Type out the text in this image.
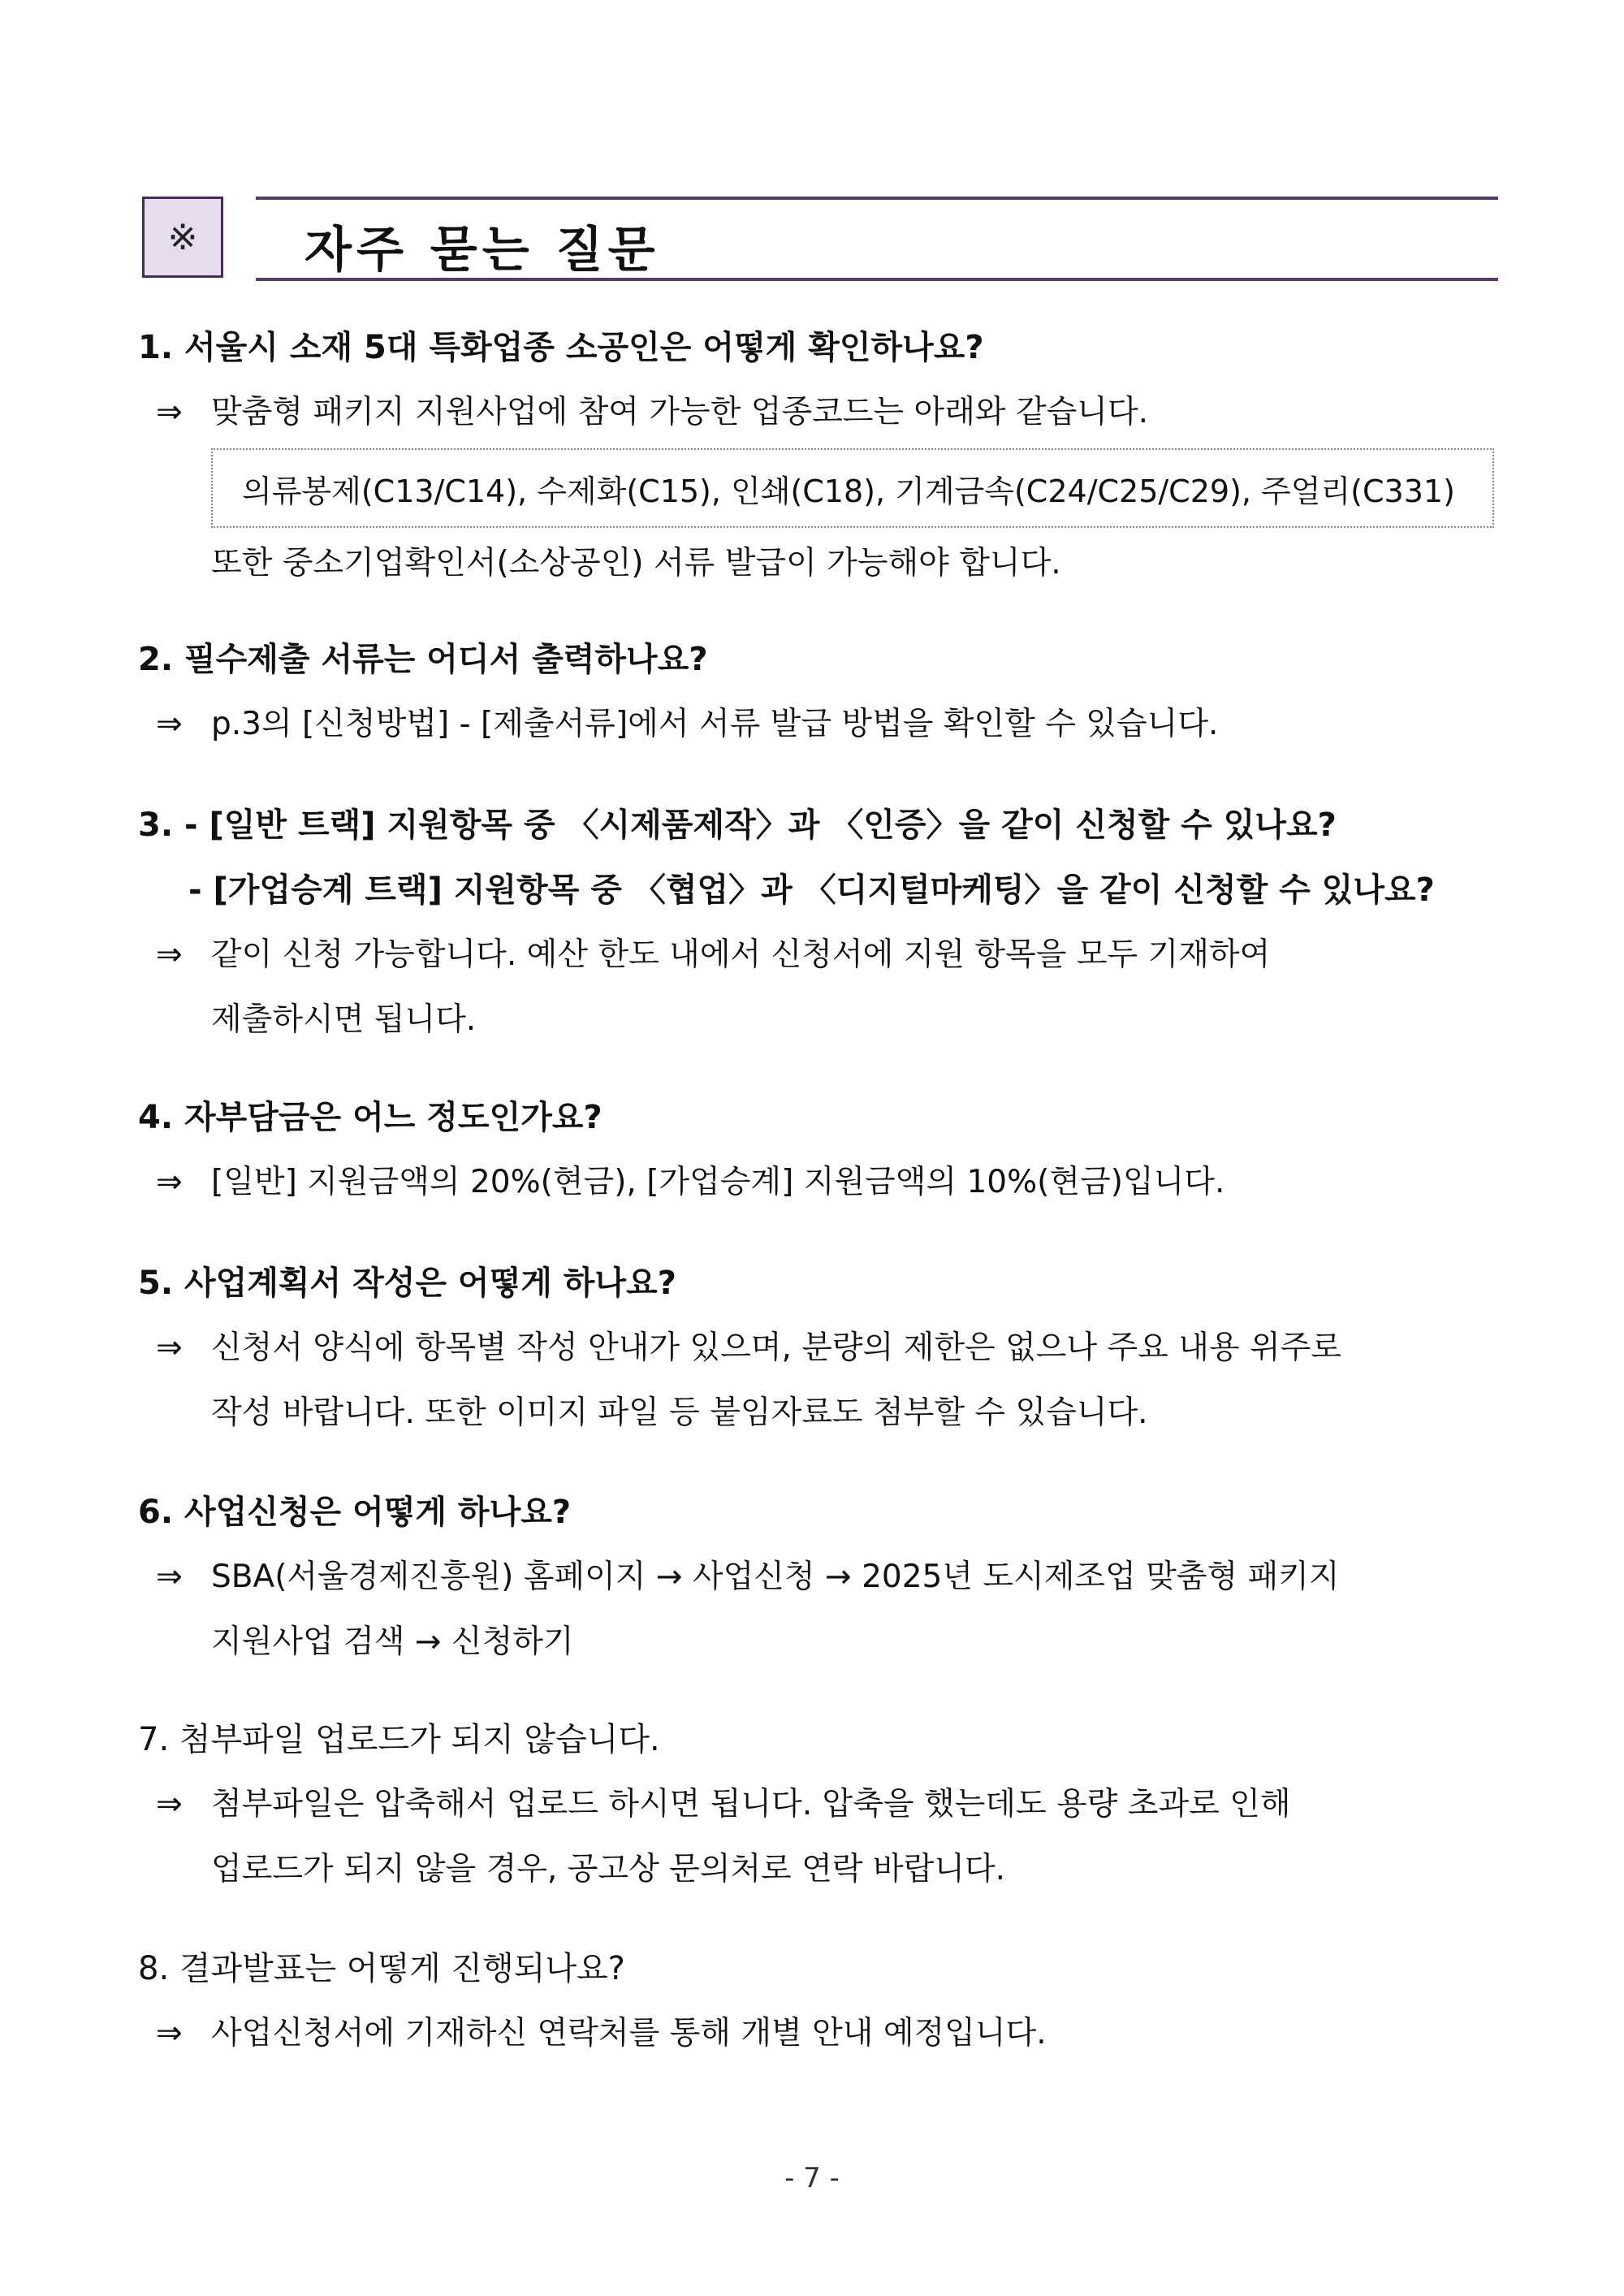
※	자주 묻는 질문
1. 서울시 소재 5대 특화업종 소공인은 어떻게 확인하나요?
⇒ 맞춤형 패키지 지원사업에 참여 가능한 업종코드는 아래와 같습니다.
의류봉제(C13/C14), 수제화(C15), 인쇄(C18), 기계금속(C24/C25/C29), 주얼리(C331)
또한 중소기업확인서(소상공인) 서류 발급이 가능해야 합니다.
2. 필수제출 서류는 어디서 출력하나요?
⇒ p.3의 [신청방법] - [제출서류]에서 서류 발급 방법을 확인할 수 있습니다.
3. - [일반 트랙] 지원항목 중 〈시제품제작〉과 〈인증〉을 같이 신청할 수 있나요?
- [가업승계 트랙] 지원항목 중 〈협업〉과 〈디지털마케팅〉을 같이 신청할 수 있나요?
⇒ 같이 신청 가능합니다. 예산 한도 내에서 신청서에 지원 항목을 모두 기재하여
제출하시면 됩니다.
4. 자부담금은 어느 정도인가요?
⇒ [일반] 지원금액의 20%(현금), [가업승계] 지원금액의 10%(현금)입니다.
5. 사업계획서 작성은 어떻게 하나요?
⇒ 신청서 양식에 항목별 작성 안내가 있으며, 분량의 제한은 없으나 주요 내용 위주로
작성 바랍니다. 또한 이미지 파일 등 붙임자료도 첨부할 수 있습니다.
6. 사업신청은 어떻게 하나요?
⇒ SBA(서울경제진흥원) 홈페이지 → 사업신청 → 2025년 도시제조업 맞춤형 패키지
지원사업 검색 → 신청하기
7. 첨부파일 업로드가 되지 않습니다.
⇒ 첨부파일은 압축해서 업로드 하시면 됩니다. 압축을 했는데도 용량 초과로 인해
업로드가 되지 않을 경우, 공고상 문의처로 연락 바랍니다.
8. 결과발표는 어떻게 진행되나요?
⇒ 사업신청서에 기재하신 연락처를 통해 개별 안내 예정입니다.
- 7 -
